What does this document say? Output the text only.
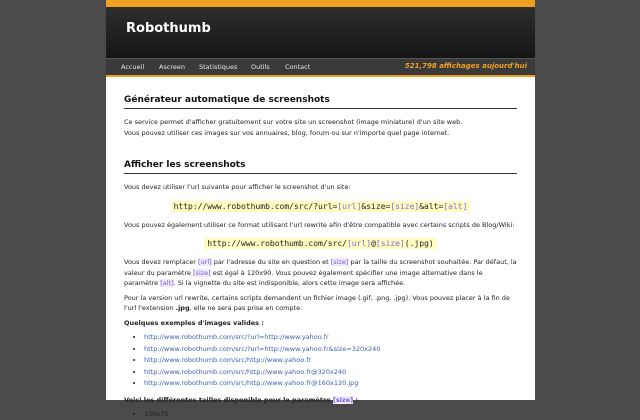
Robothumb
Accueil Ascreen Statistiques Outils Contact	521,798 affichages aujourd'hui
Générateur automatique de screenshots

Ce service permet d'afficher gratuitement sur votre site un screenshot (image miniature) d'un site web.
Vous pouvez utiliser ces images sur vos annuaires, blog, forum ou sur n'importe quel page internet.

Afficher les screenshots

Vous devez utiliser l'url suivante pour afficher le screenshot d'un site:

http://www.robothumb.com/src/?url=[url]&size=[size]&alt=[alt]

Vous pouvez également utiliser ce format utilisant l'url rewrite afin d'être compatible avec certains scripts de Blog/Wiki:

http://www.robothumb.com/src/[url]@[size](.jpg)

Vous devez remplacer [url] par l'adresse du site en question et [size] par la taille du screenshot souhaitée. Par défaut, la valeur du paramètre [size] est égal à 120x90. Vous pouvez également spécifier une image alternative dans le paramètre [alt]. Si la vignette du site est indisponible, alors cette image sera affichée.

Pour la version url rewrite, certains scripts demandent un fichier image (.gif, .png, .jpg). Vous pouvez placer à la fin de l'url l'extension .jpg, elle ne sera pas prise en compte.

Quelques exemples d'images valides :

• http://www.robothumb.com/src/?url=http://www.yahoo.fr
• http://www.robothumb.com/src/?url=http://www.yahoo.fr&size=320x240
• http://www.robothumb.com/src/http://www.yahoo.fr
• http://www.robothumb.com/src/http://www.yahoo.fr@320x240
• http://www.robothumb.com/src/http://www.yahoo.fr@160x120.jpg

Voici les différentes tailles disponible pour le paramètre [size] :

• 100x75
